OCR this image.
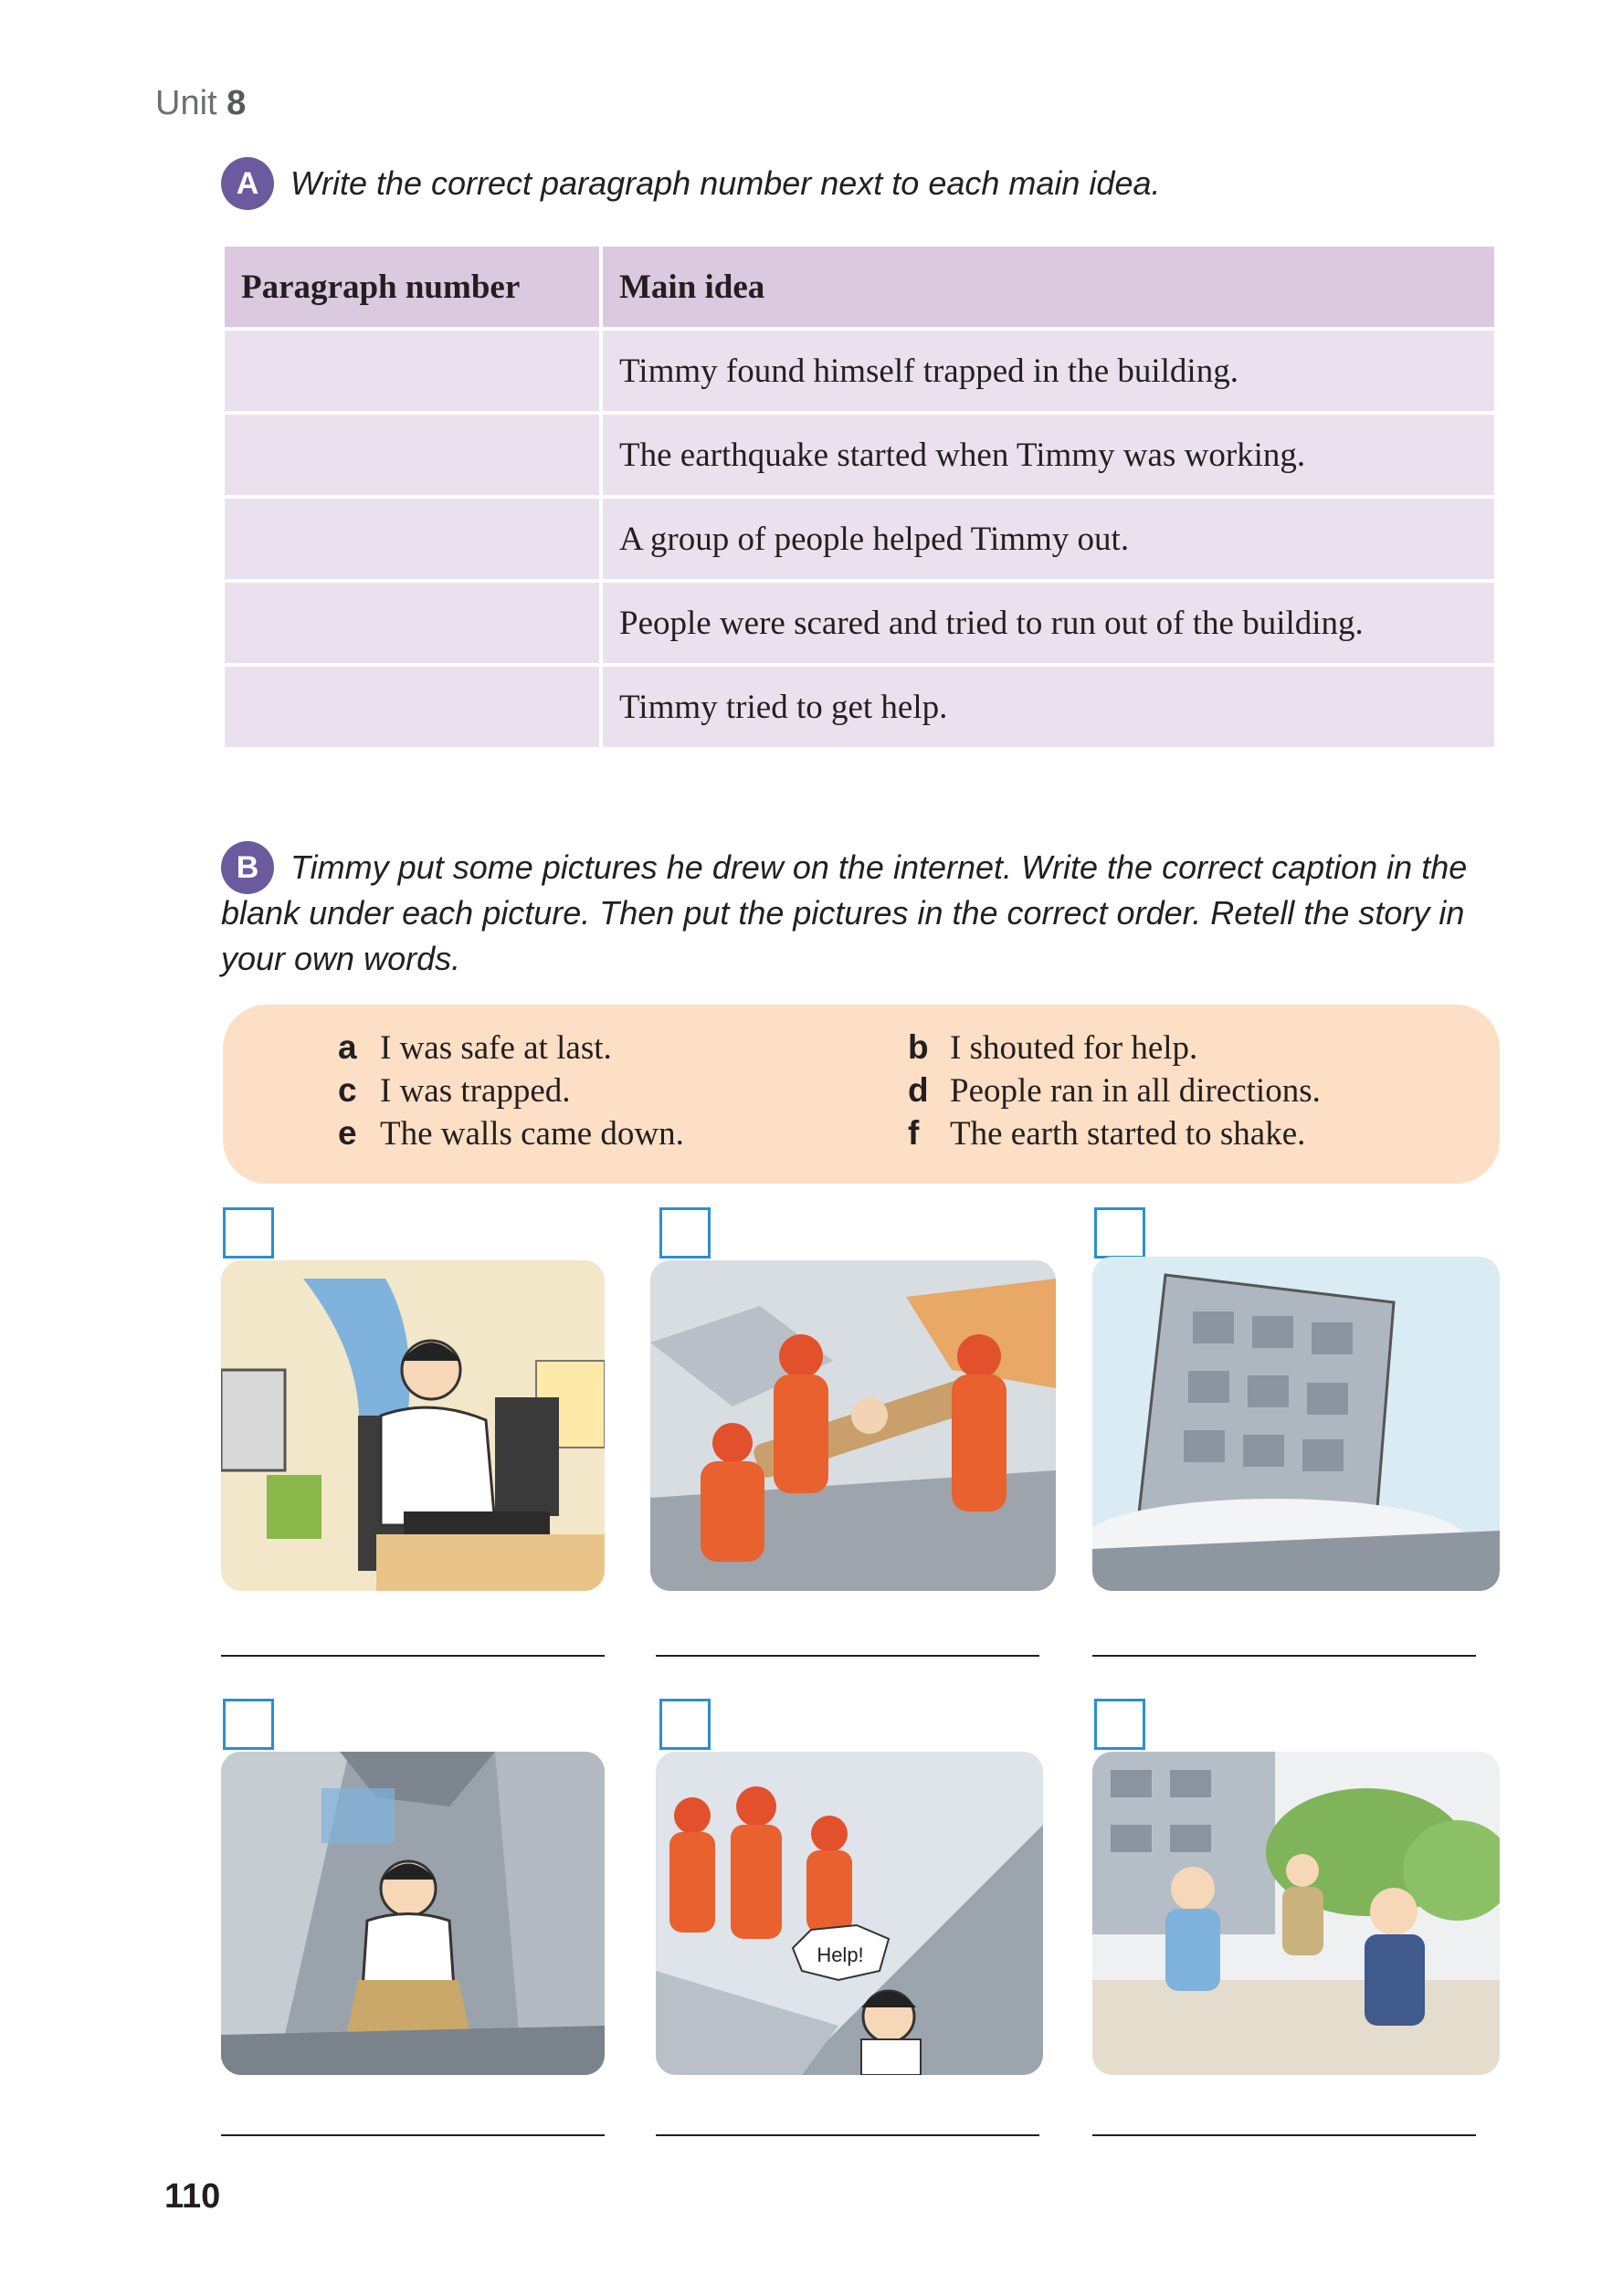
Unit 8
A Write the correct paragraph number next to each main idea.
Paragraph number	Main idea
	Timmy found himself trapped in the building.
	The earthquake started when Timmy was working.
	A group of people helped Timmy out.
	People were scared and tried to run out of the building.
	Timmy tried to get help.
B Timmy put some pictures he drew on the internet. Write the correct caption in the
blank under each picture. Then put the pictures in the correct order. Retell the story in
your own words.
a I was safe at last.	b I shouted for help.
c I was trapped.	d People ran in all directions.
e The walls came down.	f The earth started to shake.
Help!
110
